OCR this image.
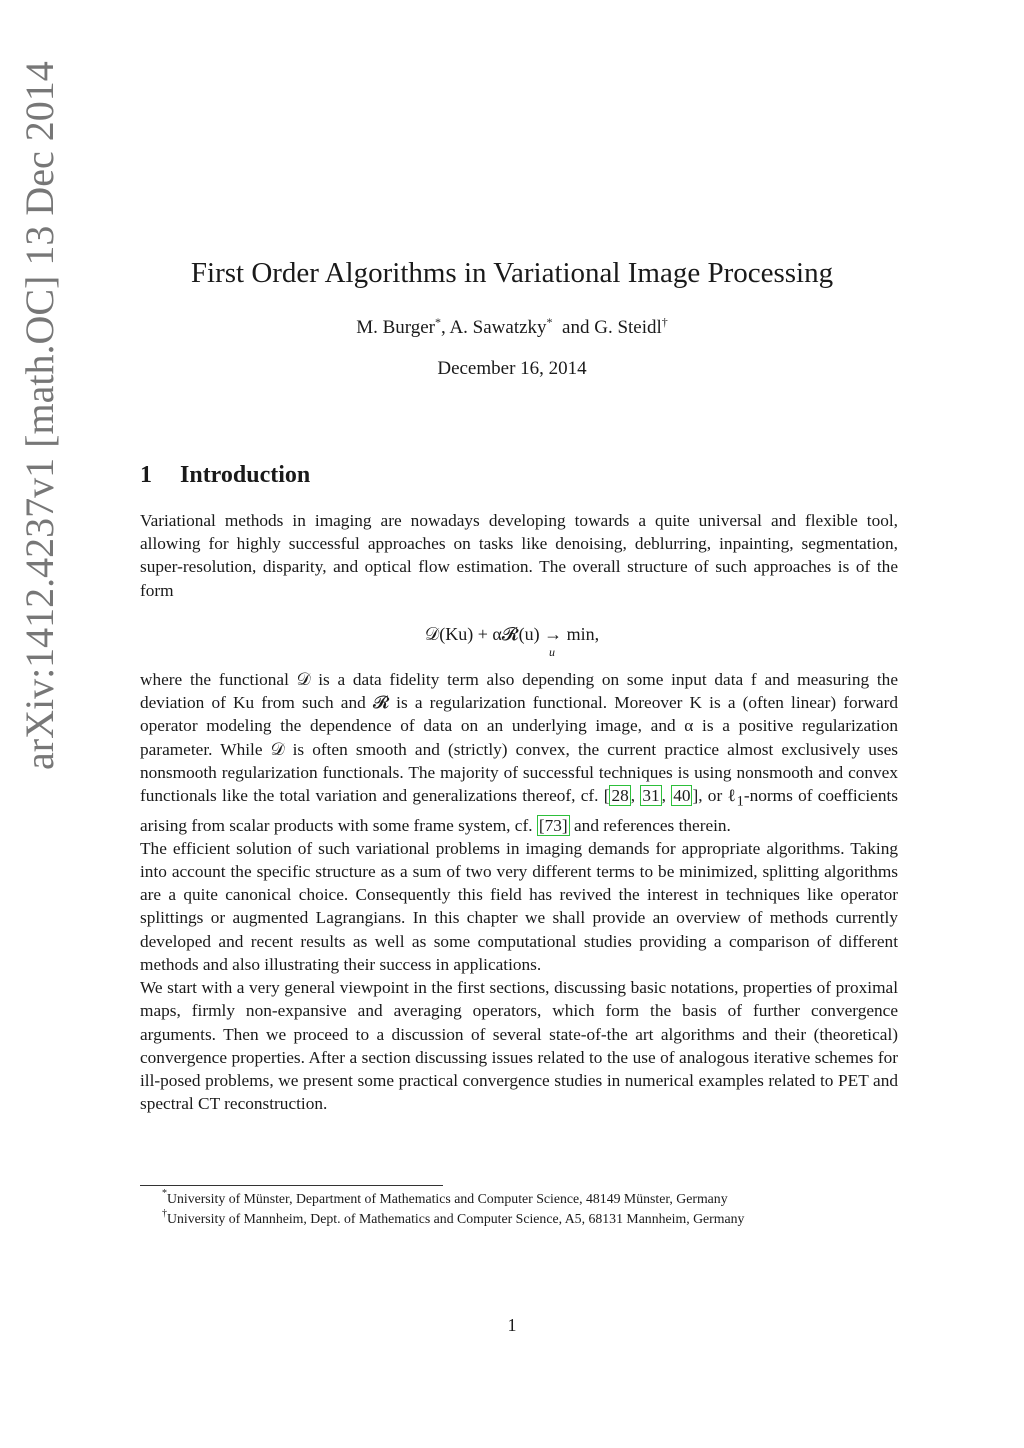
arXiv:1412.4237v1 [math.OC] 13 Dec 2014	First Order Algorithms in Variational Image Processing
M. Burger*, A. Sawatzky* and G. Steidl†
December 16, 2014
1 Introduction

Variational methods in imaging are nowadays developing towards a quite universal and flexible tool, allowing for highly successful approaches on tasks like denoising, deblurring, inpainting, segmentation, super-resolution, disparity, and optical flow estimation. The overall structure of such approaches is of the form

𝒟(Ku) + α𝓡(u) → min,
u

where the functional 𝒟 is a data fidelity term also depending on some input data f and measuring the deviation of Ku from such and 𝓡 is a regularization functional. Moreover K is a (often linear) forward operator modeling the dependence of data on an underlying image, and α is a positive regularization parameter. While 𝒟 is often smooth and (strictly) convex, the current practice almost exclusively uses nonsmooth regularization functionals. The majority of successful techniques is using nonsmooth and convex functionals like the total variation and generalizations thereof, cf. [ 28 , 31 , 40 ], or ℓ$_1$-norms of coefficients arising from scalar products with some frame system, cf. [73] and references therein.

The efficient solution of such variational problems in imaging demands for appropriate algorithms. Taking into account the specific structure as a sum of two very different terms to be minimized, splitting algorithms are a quite canonical choice. Consequently this field has revived the interest in techniques like operator splittings or augmented Lagrangians. In this chapter we shall provide an overview of methods currently developed and recent results as well as some computational studies providing a comparison of different methods and also illustrating their success in applications.

We start with a very general viewpoint in the first sections, discussing basic notations, properties of proximal maps, firmly non-expansive and averaging operators, which form the basis of further convergence arguments. Then we proceed to a discussion of several state-of-the art algorithms and their (theoretical) convergence properties. After a section discussing issues related to the use of analogous iterative schemes for ill-posed problems, we present some practical convergence studies in numerical examples related to PET and spectral CT reconstruction.

*University of Münster, Department of Mathematics and Computer Science, 48149 Münster, Germany
†University of Mannheim, Dept. of Mathematics and Computer Science, A5, 68131 Mannheim, Germany
1
